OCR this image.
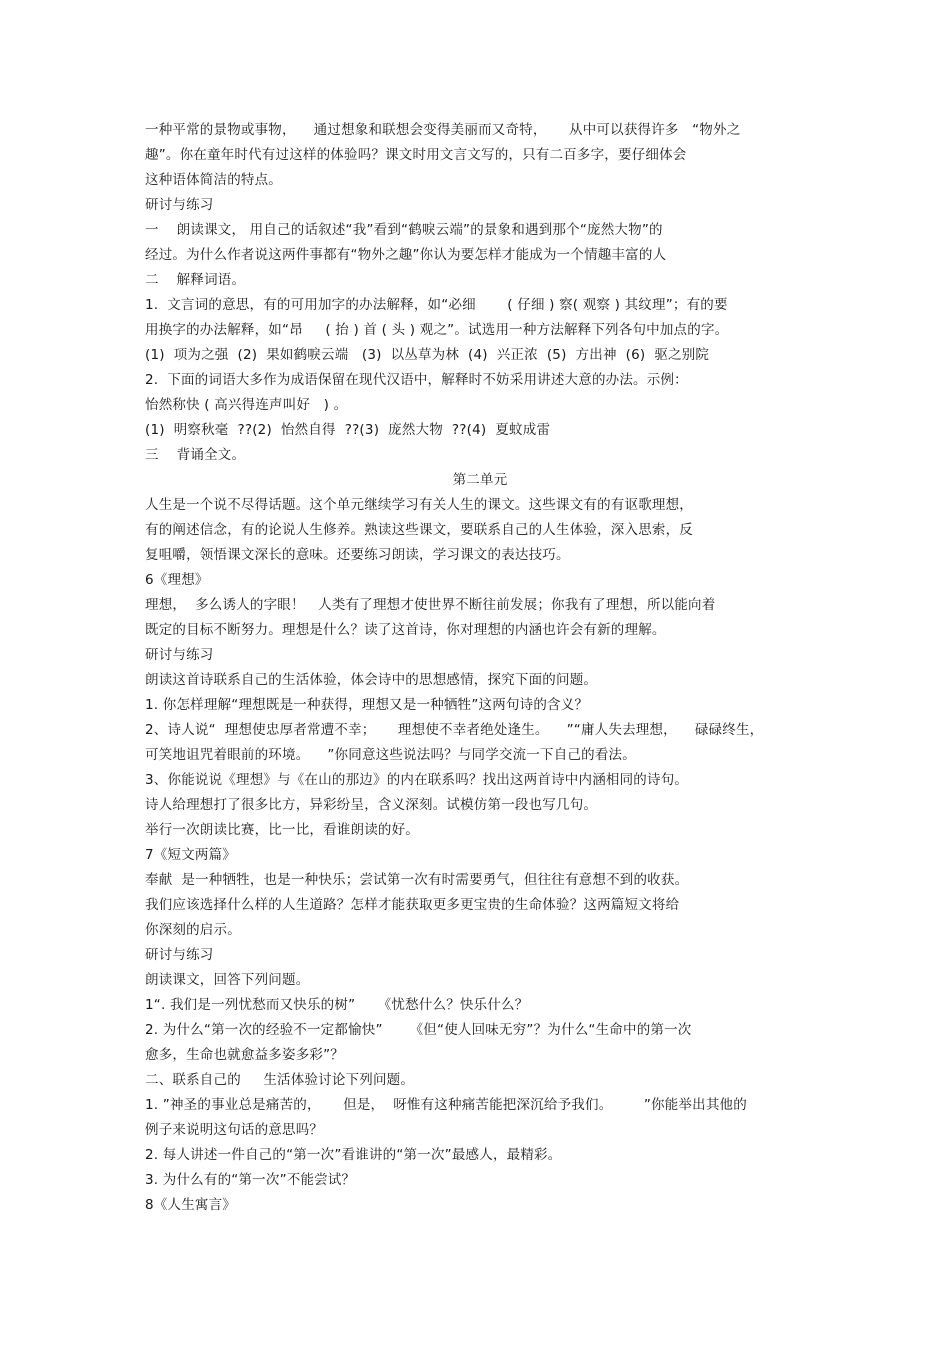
一种平常的景物或事物，    通过想象和联想会变得美丽而又奇特，     从中可以获得许多   “物外之
趣”。你在童年时代有过这样的体验吗？课文时用文言文写的，只有二百多字，要仔细体会
这种语体简洁的特点。
研讨与练习
一    朗读课文， 用自己的话叙述“我”看到“鹤唳云端”的景象和遇到那个“庞然大物”的
经过。为什么作者说这两件事都有“物外之趣”你认为要怎样才能成为一个情趣丰富的人
二    解释词语。
1.  文言词的意思，有的可用加字的办法解释，如“必细       ( 仔细 ) 察( 观察 ) 其纹理”；有的要
用换字的办法解释，如“昂     ( 抬 ) 首 ( 头 ) 观之”。试选用一种方法解释下列各句中加点的字。
(1)  项为之强  (2)  果如鹤唳云端   (3)  以丛草为林  (4)  兴正浓  (5)  方出神  (6)  驱之别院
2.  下面的词语大多作为成语保留在现代汉语中，解释时不妨采用讲述大意的办法。示例：
怡然称快 ( 高兴得连声叫好   ) 。
(1)  明察秋毫  ??(2)  怡然自得  ??(3)  庞然大物  ??(4)  夏蚊成雷
三    背诵全文。
第二单元
人生是一个说不尽得话题。这个单元继续学习有关人生的课文。这些课文有的有讴歌理想，
有的阐述信念，有的论说人生修养。熟读这些课文，要联系自己的人生体验，深入思索，反
复咀嚼，领悟课文深长的意味。还要练习朗读，学习课文的表达技巧。
6《理想》
理想，  多么诱人的字眼！   人类有了理想才使世界不断往前发展；你我有了理想，所以能向着
既定的目标不断努力。理想是什么？读了这首诗，你对理想的内涵也许会有新的理解。
研讨与练习
朗读这首诗联系自己的生活体验，体会诗中的思想感情，探究下面的问题。
1. 你怎样理解“理想既是一种获得，理想又是一种牺牲”这两句诗的含义？
2、诗人说“  理想使忠厚者常遭不幸；     理想使不幸者绝处逢生。    ”“庸人失去理想，    碌碌终生，
可笑地诅咒着眼前的环境。    ”你同意这些说法吗？与同学交流一下自己的看法。
3、你能说说《理想》与《在山的那边》的内在联系吗？找出这两首诗中内涵相同的诗句。
诗人给理想打了很多比方，异彩纷呈，含义深刻。试模仿第一段也写几句。
举行一次朗读比赛，比一比，看谁朗读的好。
7《短文两篇》
奉献  是一种牺牲，也是一种快乐；尝试第一次有时需要勇气，但往往有意想不到的收获。
我们应该选择什么样的人生道路？怎样才能获取更多更宝贵的生命体验？这两篇短文将给
你深刻的启示。
研讨与练习
朗读课文，回答下列问题。
1“. 我们是一列忧愁而又快乐的树”     《忧愁什么？快乐什么？
2. 为什么“第一次的经验不一定都愉快”      《但“使人回味无穷”？为什么“生命中的第一次
愈多，生命也就愈益多姿多彩”？
二、联系自己的     生活体验讨论下列问题。
1. ”神圣的事业总是痛苦的，     但是，  呀惟有这种痛苦能把深沉给予我们。       ”你能举出其他的
例子来说明这句话的意思吗？
2. 每人讲述一件自己的“第一次”看谁讲的“第一次”最感人，最精彩。
3. 为什么有的“第一次”不能尝试？
8《人生寓言》
